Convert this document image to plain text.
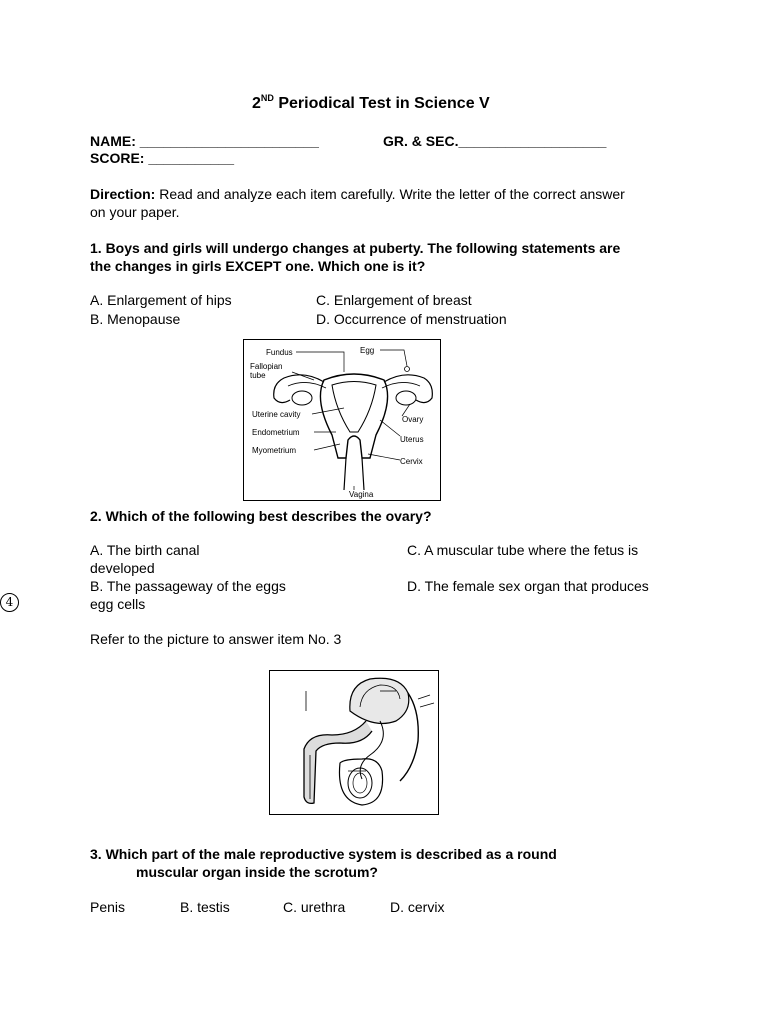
2ND Periodical Test in Science V
NAME: _______________________	GR. & SEC.___________________
SCORE: ___________
Direction: Read and analyze each item carefully. Write the letter of the correct answer
on your paper.
1. Boys and girls will undergo changes at puberty. The following statements are
the changes in girls EXCEPT one. Which one is it?
A. Enlargement of hips	C. Enlargement of breast
B. Menopause	D. Occurrence of menstruation
Fundus	Egg
Fallopian
tube
Uterine cavity
Endometrium
Myometrium
Ovary
Uterus
Cervix
Vagina
2. Which of the following best describes the ovary?
A. The birth canal	C. A muscular tube where the fetus is
developed
B. The passageway of the eggs	D. The female sex organ that produces
egg cells
4
Refer to the picture to answer item No. 3
3. Which part of the male reproductive system is described as a round
muscular organ inside the scrotum?
Penis	B. testis	C. urethra	D. cervix
